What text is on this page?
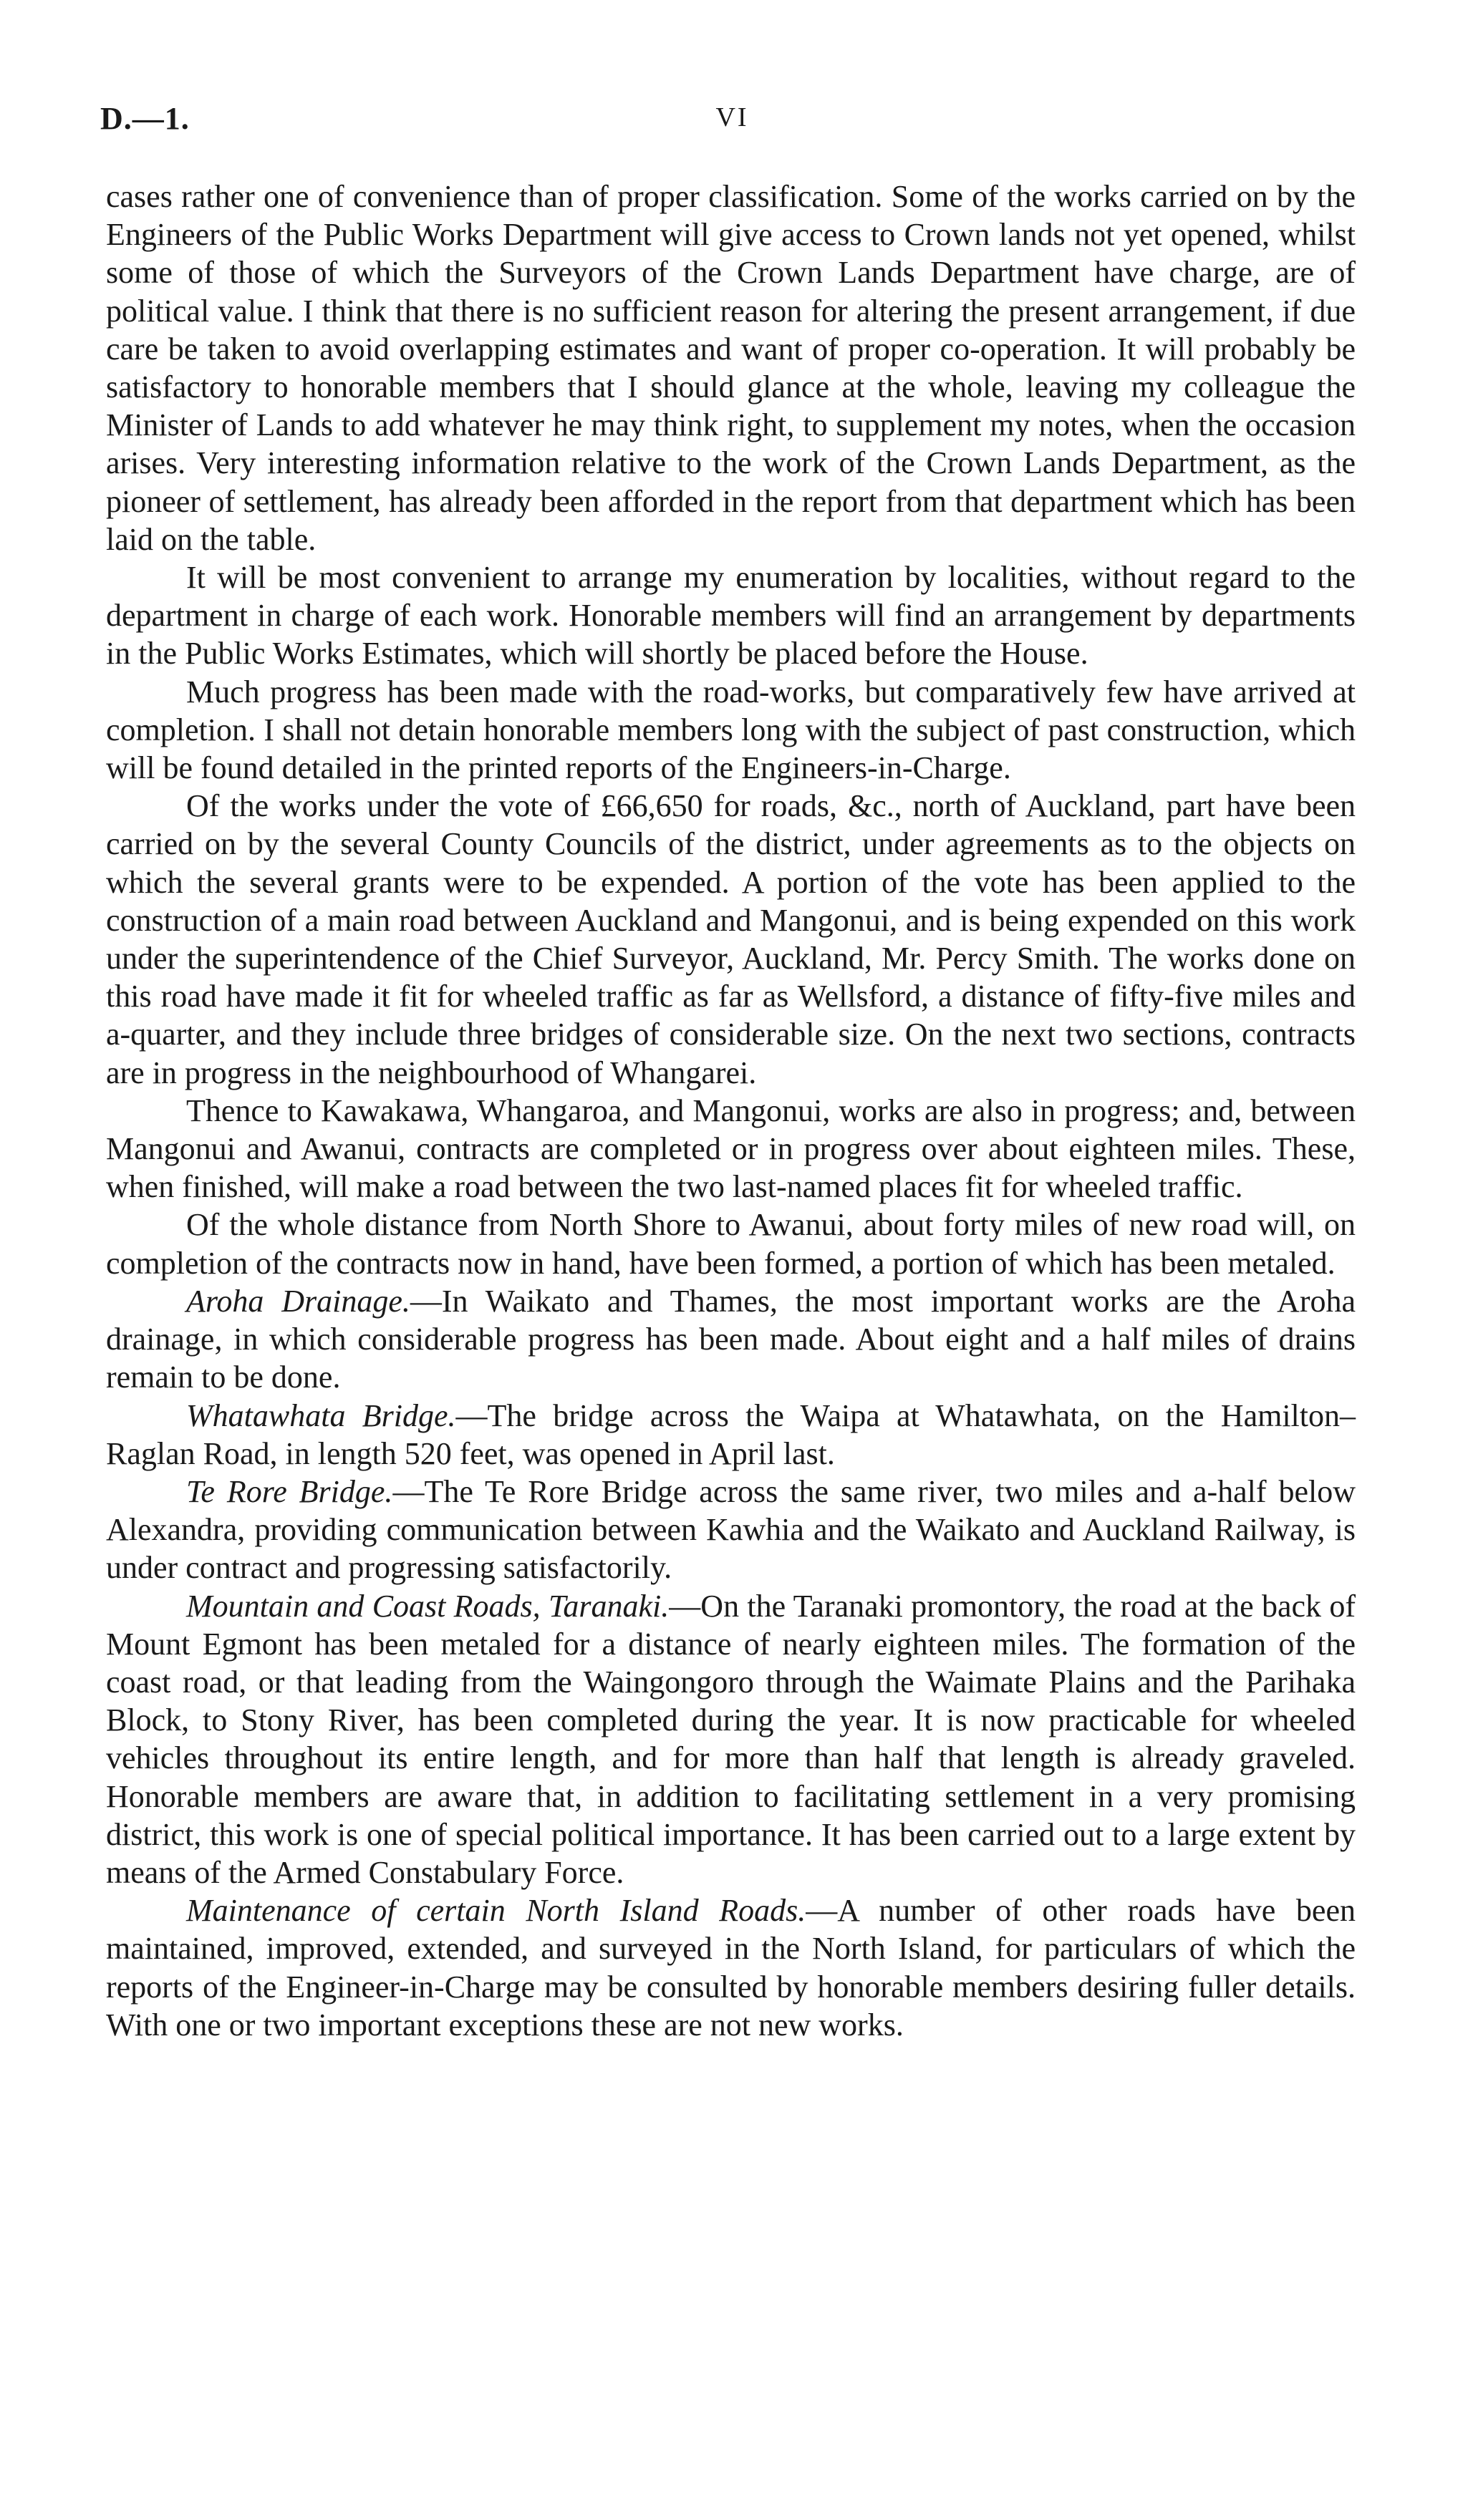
D.—1.	VI

cases rather one of convenience than of proper classification. Some of the works carried on by the Engineers of the Public Works Department will give access to Crown lands not yet opened, whilst some of those of which the Surveyors of the Crown Lands Department have charge, are of political value. I think that there is no sufficient reason for altering the present arrangement, if due care be taken to avoid overlapping estimates and want of proper co-operation. It will probably be satisfactory to honorable members that I should glance at the whole, leaving my colleague the Minister of Lands to add whatever he may think right, to supplement my notes, when the occasion arises. Very interesting information relative to the work of the Crown Lands Department, as the pioneer of settlement, has already been afforded in the report from that department which has been laid on the table.

It will be most convenient to arrange my enumeration by localities, without regard to the department in charge of each work. Honorable members will find an arrangement by departments in the Public Works Estimates, which will shortly be placed before the House.

Much progress has been made with the road-works, but comparatively few have arrived at completion. I shall not detain honorable members long with the subject of past construction, which will be found detailed in the printed reports of the Engineers-in-Charge.

Of the works under the vote of £66,650 for roads, &c., north of Auckland, part have been carried on by the several County Councils of the district, under agreements as to the objects on which the several grants were to be expended. A portion of the vote has been applied to the construction of a main road between Auckland and Mangonui, and is being expended on this work under the superintendence of the Chief Surveyor, Auckland, Mr. Percy Smith. The works done on this road have made it fit for wheeled traffic as far as Wellsford, a distance of fifty-five miles and a-quarter, and they include three bridges of considerable size. On the next two sections, contracts are in progress in the neighbourhood of Whangarei.

Thence to Kawakawa, Whangaroa, and Mangonui, works are also in progress; and, between Mangonui and Awanui, contracts are completed or in progress over about eighteen miles. These, when finished, will make a road between the two last-named places fit for wheeled traffic.

Of the whole distance from North Shore to Awanui, about forty miles of new road will, on completion of the contracts now in hand, have been formed, a portion of which has been metaled.

Aroha Drainage.—In Waikato and Thames, the most important works are the Aroha drainage, in which considerable progress has been made. About eight and a half miles of drains remain to be done.

Whatawhata Bridge.—The bridge across the Waipa at Whatawhata, on the Hamilton–Raglan Road, in length 520 feet, was opened in April last.

Te Rore Bridge.—The Te Rore Bridge across the same river, two miles and a-half below Alexandra, providing communication between Kawhia and the Waikato and Auckland Railway, is under contract and progressing satisfactorily.

Mountain and Coast Roads, Taranaki.—On the Taranaki promontory, the road at the back of Mount Egmont has been metaled for a distance of nearly eighteen miles. The formation of the coast road, or that leading from the Waingongoro through the Waimate Plains and the Parihaka Block, to Stony River, has been completed during the year. It is now practicable for wheeled vehicles throughout its entire length, and for more than half that length is already graveled. Honorable members are aware that, in addition to facilitating settlement in a very promising district, this work is one of special political importance. It has been carried out to a large extent by means of the Armed Constabulary Force.

Maintenance of certain North Island Roads.—A number of other roads have been maintained, improved, extended, and surveyed in the North Island, for particulars of which the reports of the Engineer-in-Charge may be consulted by honorable members desiring fuller details. With one or two important exceptions these are not new works.
